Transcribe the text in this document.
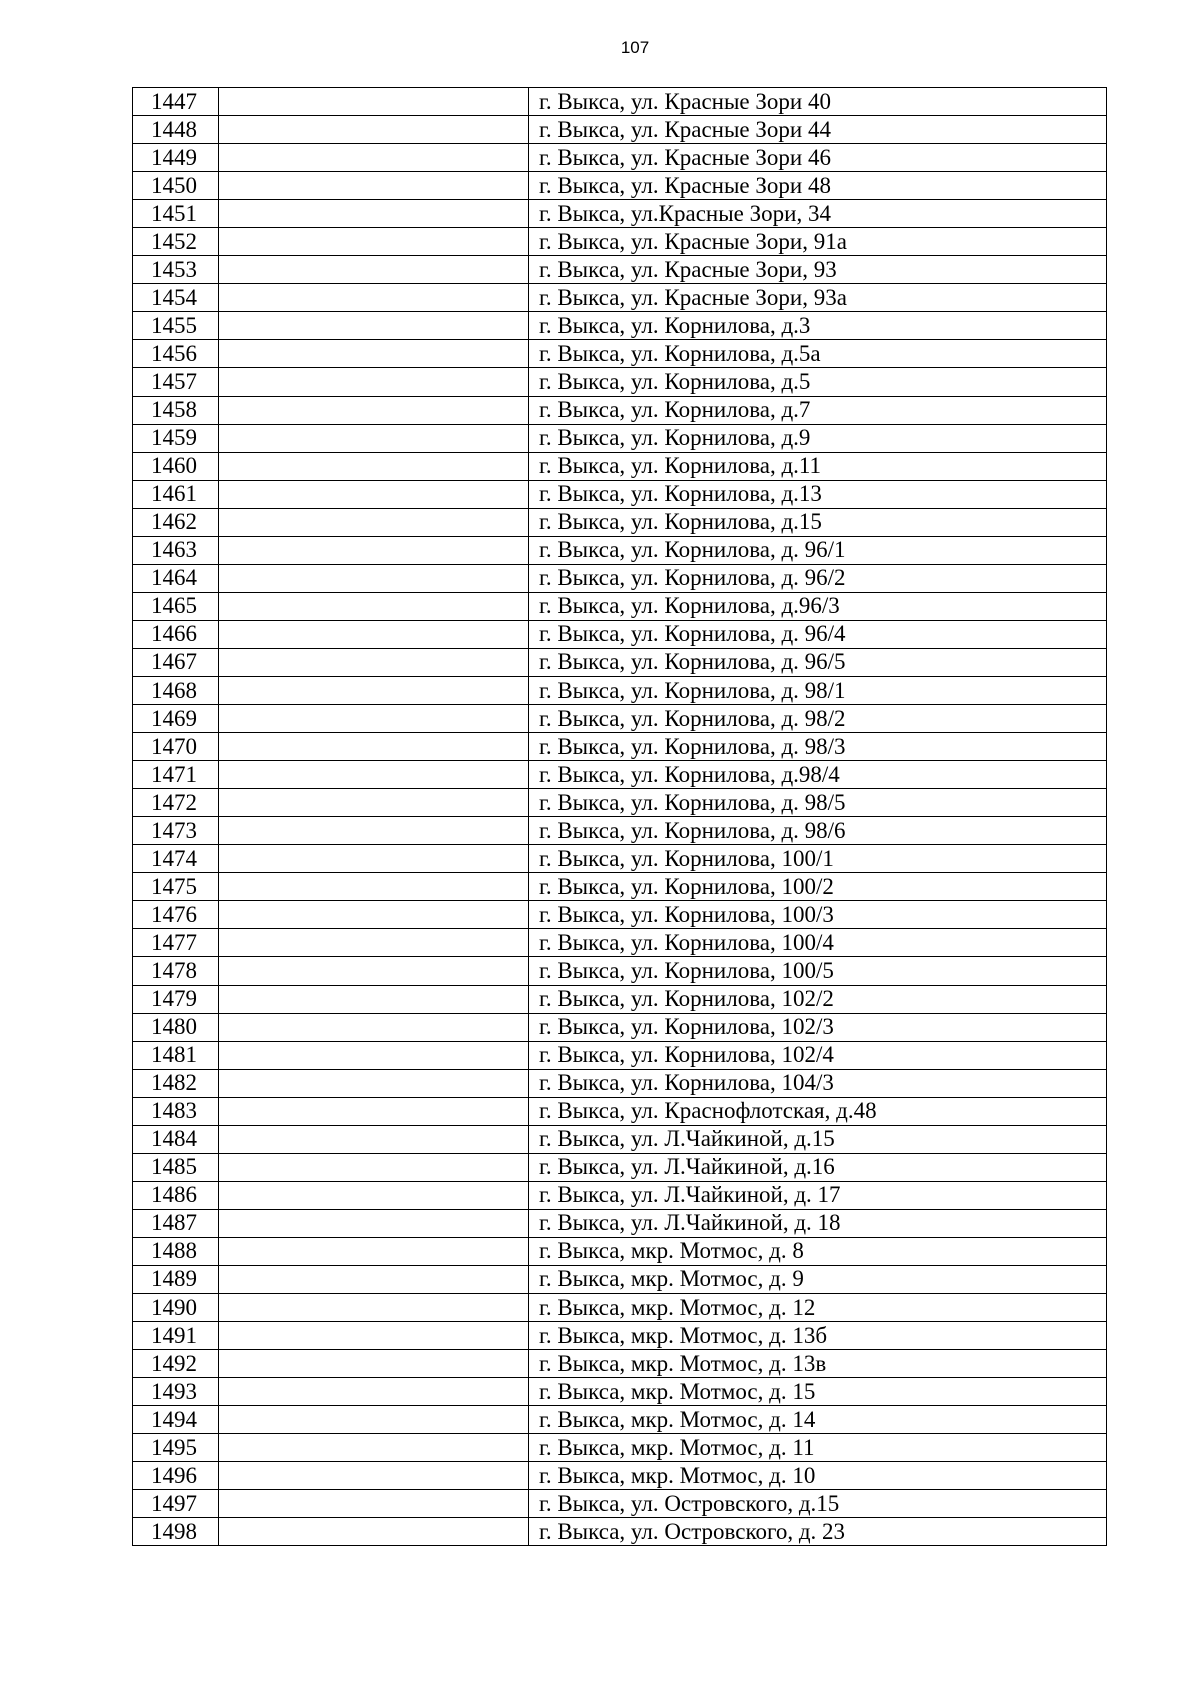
107
1447		г. Выкса, ул. Красные Зори 40
1448		г. Выкса, ул. Красные Зори 44
1449		г. Выкса, ул. Красные Зори 46
1450		г. Выкса, ул. Красные Зори 48
1451		г. Выкса, ул.Красные Зори, 34
1452		г. Выкса, ул. Красные Зори, 91а
1453		г. Выкса, ул. Красные Зори, 93
1454		г. Выкса, ул. Красные Зори, 93а
1455		г. Выкса, ул. Корнилова, д.3
1456		г. Выкса, ул. Корнилова, д.5а
1457		г. Выкса, ул. Корнилова, д.5
1458		г. Выкса, ул. Корнилова, д.7
1459		г. Выкса, ул. Корнилова, д.9
1460		г. Выкса, ул. Корнилова, д.11
1461		г. Выкса, ул. Корнилова, д.13
1462		г. Выкса, ул. Корнилова, д.15
1463		г. Выкса, ул. Корнилова, д. 96/1
1464		г. Выкса, ул. Корнилова, д. 96/2
1465		г. Выкса, ул. Корнилова, д.96/3
1466		г. Выкса, ул. Корнилова, д. 96/4
1467		г. Выкса, ул. Корнилова, д. 96/5
1468		г. Выкса, ул. Корнилова, д. 98/1
1469		г. Выкса, ул. Корнилова, д. 98/2
1470		г. Выкса, ул. Корнилова, д. 98/3
1471		г. Выкса, ул. Корнилова, д.98/4
1472		г. Выкса, ул. Корнилова, д. 98/5
1473		г. Выкса, ул. Корнилова, д. 98/6
1474		г. Выкса, ул. Корнилова, 100/1
1475		г. Выкса, ул. Корнилова, 100/2
1476		г. Выкса, ул. Корнилова, 100/3
1477		г. Выкса, ул. Корнилова, 100/4
1478		г. Выкса, ул. Корнилова, 100/5
1479		г. Выкса, ул. Корнилова, 102/2
1480		г. Выкса, ул. Корнилова, 102/3
1481		г. Выкса, ул. Корнилова, 102/4
1482		г. Выкса, ул. Корнилова, 104/3
1483		г. Выкса, ул. Краснофлотская, д.48
1484		г. Выкса, ул. Л.Чайкиной, д.15
1485		г. Выкса, ул. Л.Чайкиной, д.16
1486		г. Выкса, ул. Л.Чайкиной, д. 17
1487		г. Выкса, ул. Л.Чайкиной, д. 18
1488		г. Выкса, мкр. Мотмос, д. 8
1489		г. Выкса, мкр. Мотмос, д. 9
1490		г. Выкса, мкр. Мотмос, д. 12
1491		г. Выкса, мкр. Мотмос, д. 13б
1492		г. Выкса, мкр. Мотмос, д. 13в
1493		г. Выкса, мкр. Мотмос, д. 15
1494		г. Выкса, мкр. Мотмос, д. 14
1495		г. Выкса, мкр. Мотмос, д. 11
1496		г. Выкса, мкр. Мотмос, д. 10
1497		г. Выкса, ул. Островского, д.15
1498		г. Выкса, ул. Островского, д. 23
